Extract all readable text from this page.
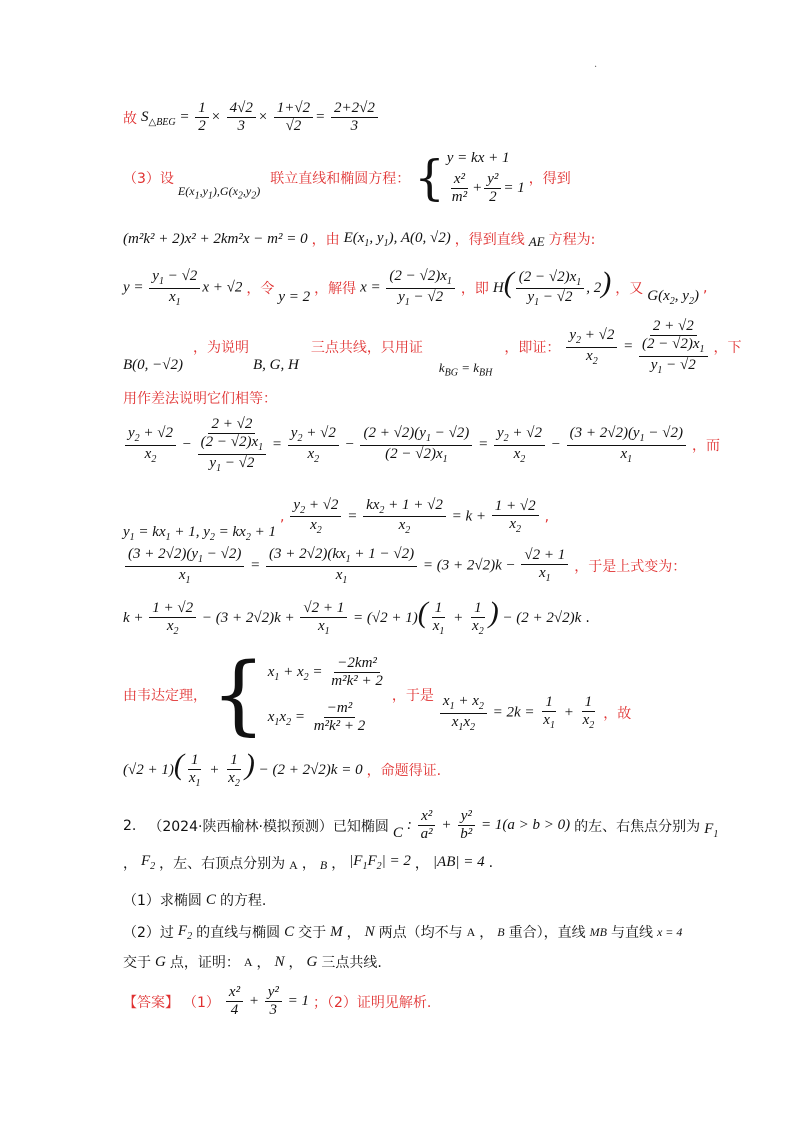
·
故 $S_{\triangle BEG} = \frac{1}{2} \times \frac{4√2}{3} \times \frac{1+√2}{√2} = \frac{2+2√2}{3}$
（3）设
$E(x_1,y_1),G(x_2,y_2)$
联立直线和椭圆方程： { y = kx + 1
$\frac{\text{x²}}{\text{m²}} + \frac{\text{y²}}{2} = 1$
，得到
(m²k² + 2)x² + 2km²x − m² = 0 ，由 $E(x_1$, $y_1$), A(0, √2) ，得到直线 AE 方程为:
$y = \frac{y_1 - √2}{x_1}$ x + √2 ，令 y = 2 ，解得 $x = \frac{(2 - √2)x_1}{y_1 - √2}$ ，即 $H( \frac{(2 - √2)x_1}{y_1 - √2}$ , 2) ，又 $G(x_2$, $y_2$) ,
B(0, −√2)
，为说明
B, G, H
三点共线，只用证
$k_{BG} = k_{BH}$
，即证： $\frac{y_2 + √2}{x_2} = \frac{2 + √2}{\frac{(2 - √2)x_1}{y_1 - √2}}$ ，下
用作差法说明它们相等：
$\frac{y_2 + √2}{x_2} - \frac{2 + √2}{\frac{(2 - √2)x_1}{y_1 - √2}} = \frac{y_2 + √2}{x_2} - \frac{(2 + √2)(y_1 - √2)}{(2 - √2)x_1} = \frac{y_2 + √2}{x_2} - \frac{(3 + 2√2)(y_1 - √2)}{x_1}$ ，而
$y_1 = kx_1 + 1$, $y_2 = kx_2 + 1$
, $\frac{y_2 + √2}{x_2} = \frac{kx_2 + 1 + √2}{x_2} = k + \frac{1 + √2}{x_2}$ ,
$\frac{(3 + 2√2)(y_1 - √2)}{x_1} = \frac{(3 + 2√2)(kx_1 + 1 - √2)}{x_1} = (3 + 2√2)k - \frac{√2 + 1}{x_1}$ ，于是上式变为：
$k + \frac{1 + √2}{x_2} - (3 + 2√2)k + \frac{√2 + 1}{x_1} = (√2 + 1)( \frac{1}{x_1} + \frac{1}{x_2}$ ) − (2 + 2√2)k .
由韦达定理， { $x_1 + x_2 = \frac{\text{−2km²}}{\text{m²k² + 2}}$
$x_1x_2 = \frac{\text{−m²}}{\text{m²k² + 2}}$
，于是 $\frac{x_1 + x_2}{x_1x_2} = 2k = \frac{1}{x_1} + \frac{1}{x_2}$ ，故
$(√2 + 1)( \frac{1}{x_1} + \frac{1}{x_2}$ ) − (2 + 2√2)k = 0 ，命题得证.
2. （2024·陕西榆林·模拟预测）已知椭圆 C
: $\frac{\text{x²}}{\text{a²}} + \frac{\text{y²}}{\text{b²}} = 1(a > b > 0)$ 的左、右焦点分别为 $F_1$
， $F_2$ ，左、右顶点分别为 A ， B ， $|F_1F_2| = 2$ ， |AB| = 4 .
（1）求椭圆 C 的方程.
（2）过 $F_2$ 的直线与椭圆 C 交于 M ， N 两点（均不与 A ， B 重合），直线 MB 与直线 x = 4
交于 G 点，证明： A ， N ， G 三点共线.
【答案】 $(1) \frac{\text{x²}}{4} + \frac{\text{y²}}{3} = 1$ ；（2）证明见解析.
